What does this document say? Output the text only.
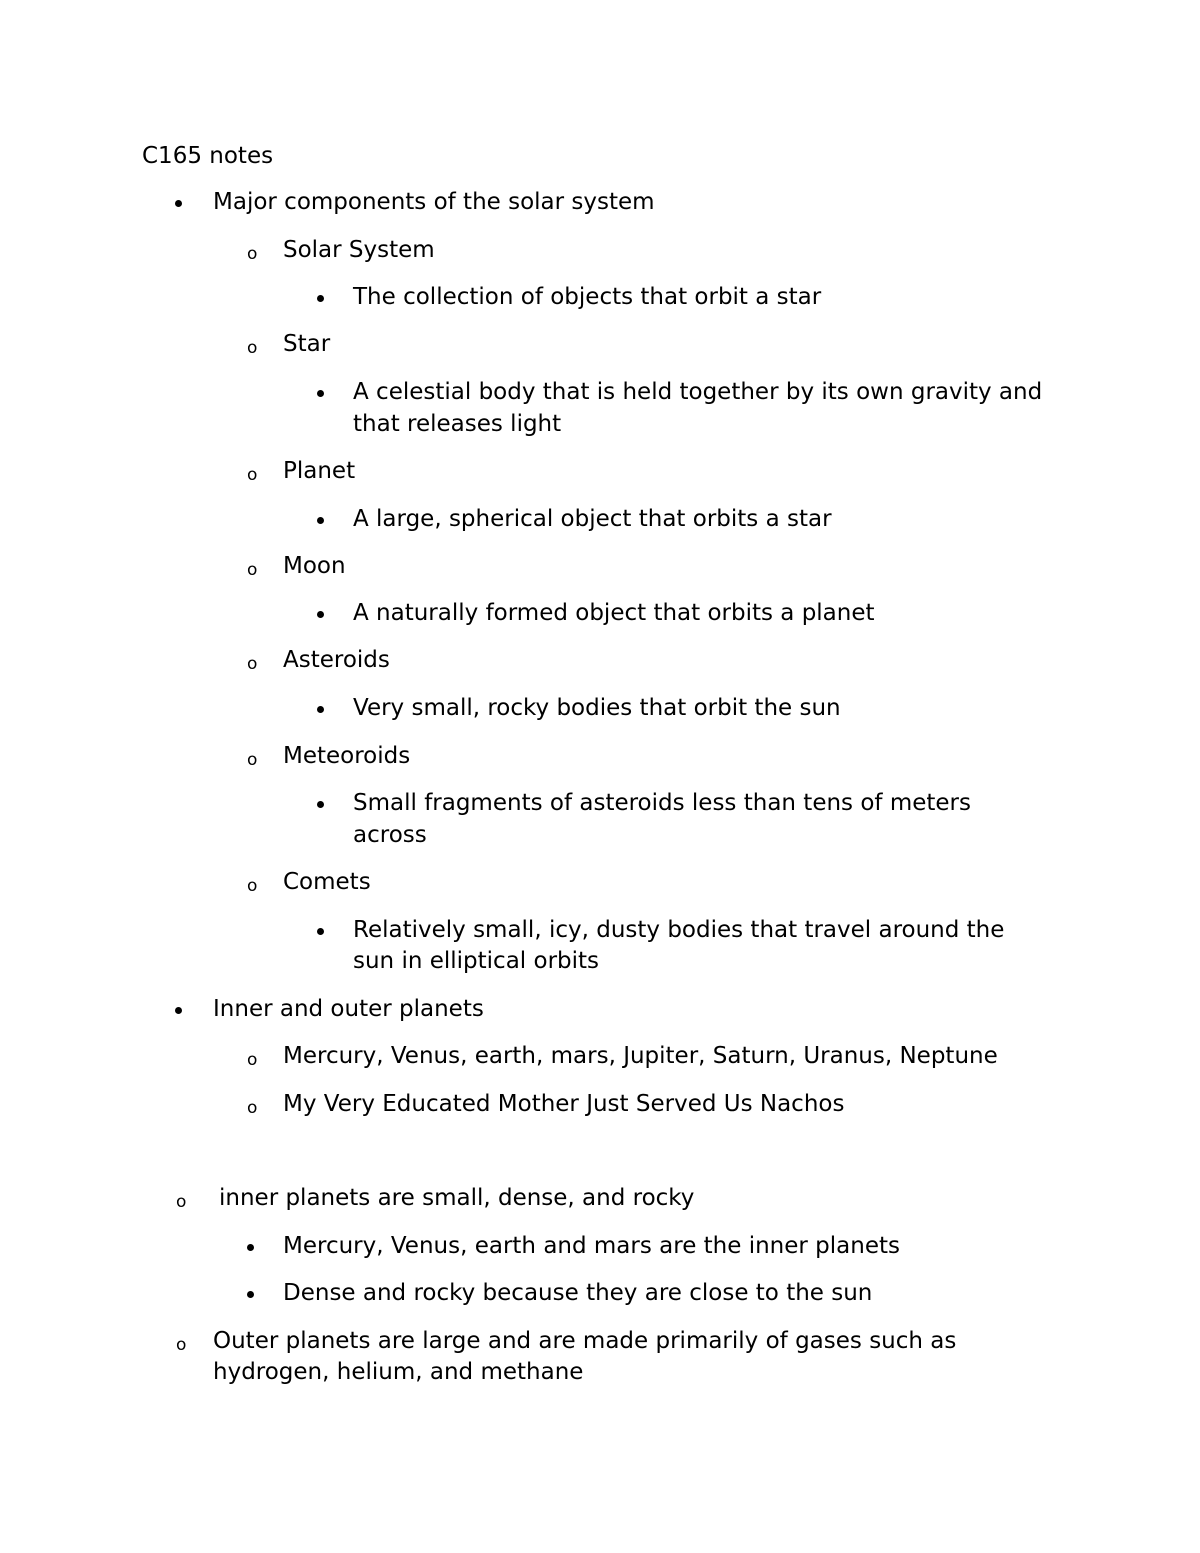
C165 notes
Major components of the solar system
o Solar System
The collection of objects that orbit a star
o Star
A celestial body that is held together by its own gravity and
that releases light
o Planet
A large, spherical object that orbits a star
o Moon
A naturally formed object that orbits a planet
o Asteroids
Very small, rocky bodies that orbit the sun
o Meteoroids
Small fragments of asteroids less than tens of meters
across
o Comets
Relatively small, icy, dusty bodies that travel around the
sun in elliptical orbits
Inner and outer planets
o Mercury, Venus, earth, mars, Jupiter, Saturn, Uranus, Neptune
o My Very Educated Mother Just Served Us Nachos
o inner planets are small, dense, and rocky
Mercury, Venus, earth and mars are the inner planets
Dense and rocky because they are close to the sun
o Outer planets are large and are made primarily of gases such as
hydrogen, helium, and methane
